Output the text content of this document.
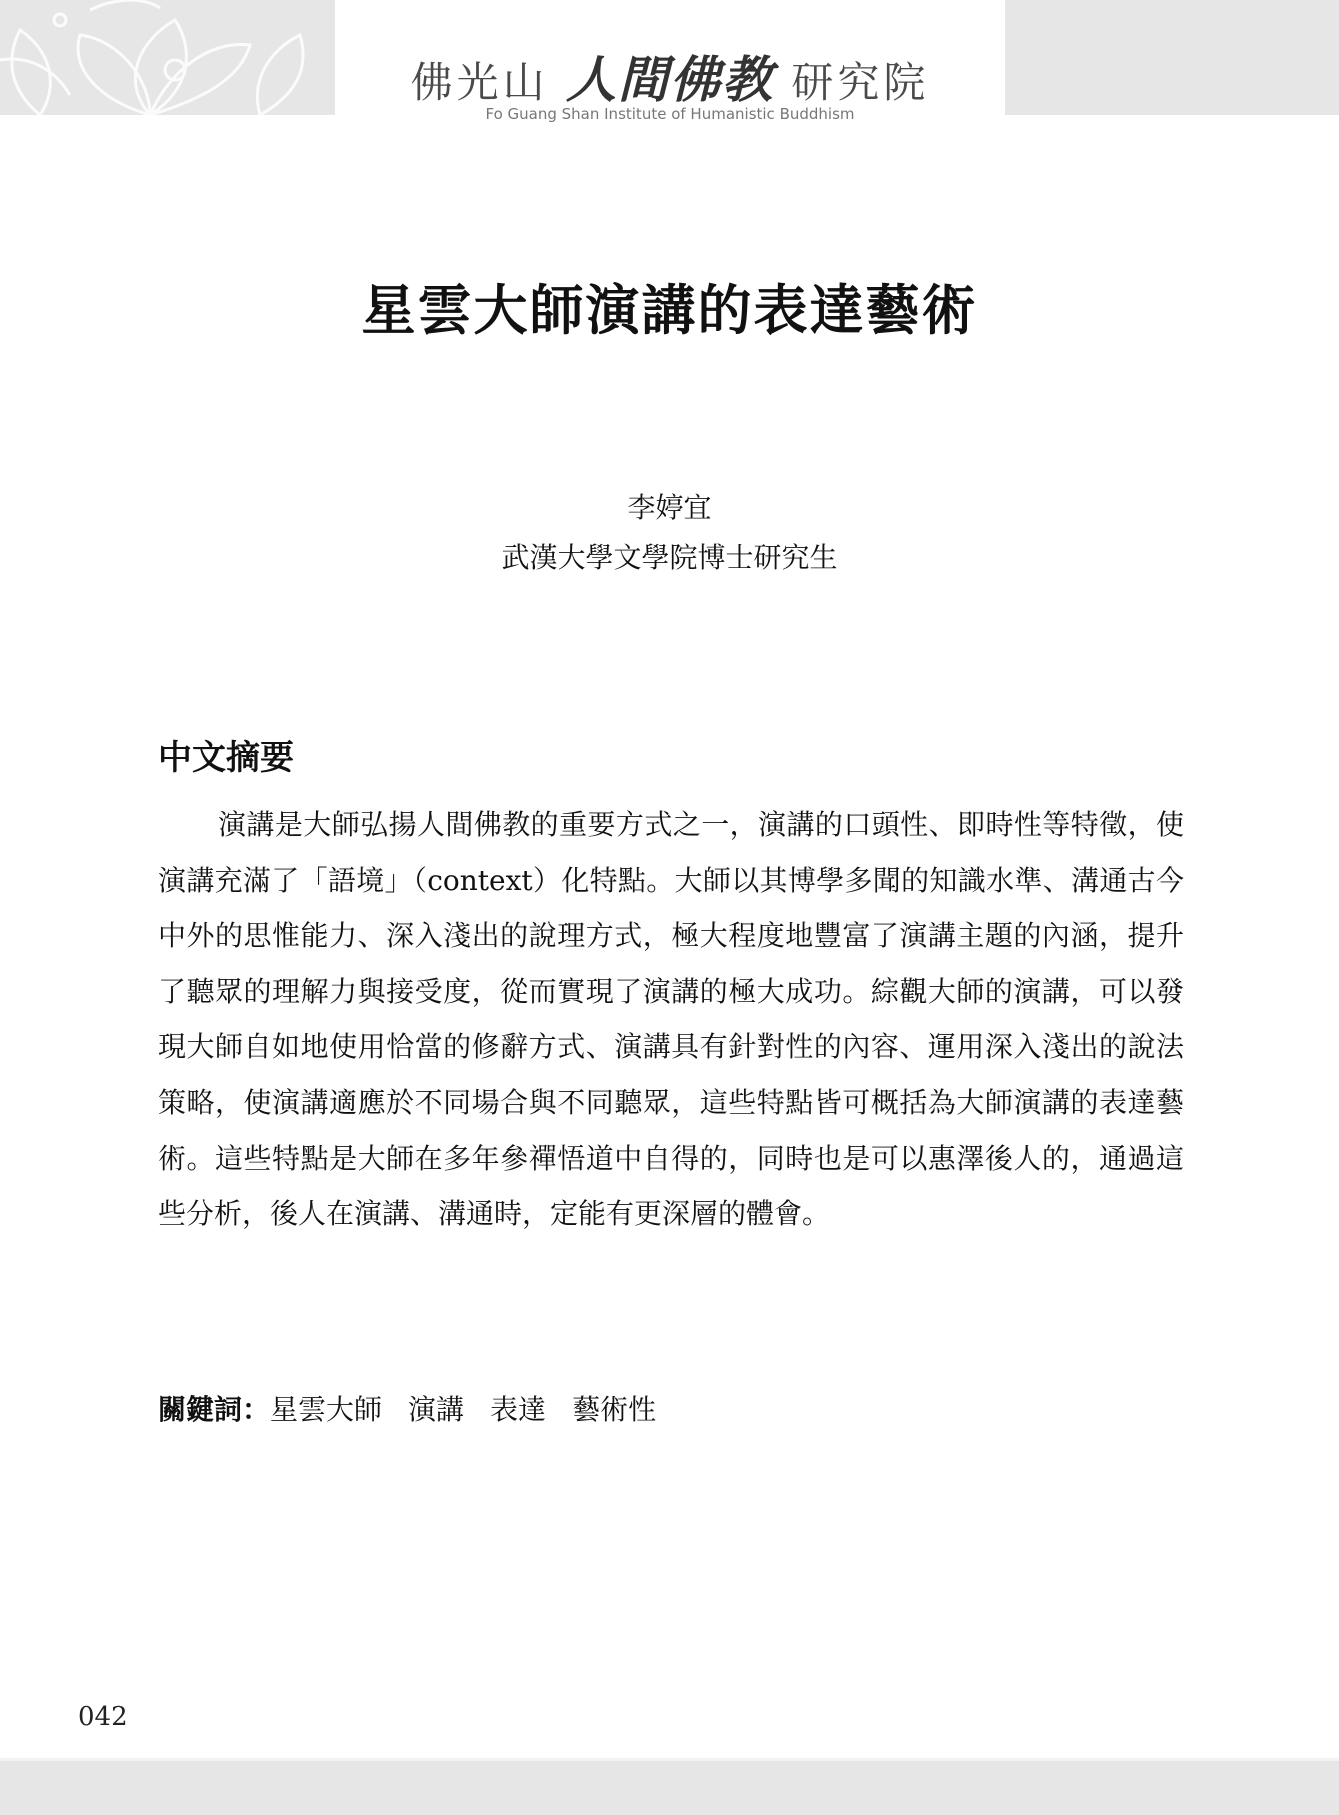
佛光山 人間佛教 研究院
Fo Guang Shan Institute of Humanistic Buddhism
星雲大師演講的表達藝術
李婷宜
武漢大學文學院博士研究生
中文摘要

演講是大師弘揚人間佛教的重要方式之一，演講的口頭性、即時性等特徵，使演講充滿了「語境」（context）化特點。大師以其博學多聞的知識水準、溝通古今中外的思惟能力、深入淺出的說理方式，極大程度地豐富了演講主題的內涵，提升了聽眾的理解力與接受度，從而實現了演講的極大成功。綜觀大師的演講，可以發現大師自如地使用恰當的修辭方式、演講具有針對性的內容、運用深入淺出的說法策略，使演講適應於不同場合與不同聽眾，這些特點皆可概括為大師演講的表達藝術。這些特點是大師在多年參禪悟道中自得的，同時也是可以惠澤後人的，通過這些分析，後人在演講、溝通時，定能有更深層的體會。

關鍵詞：星雲大師 演講 表達 藝術性
042
